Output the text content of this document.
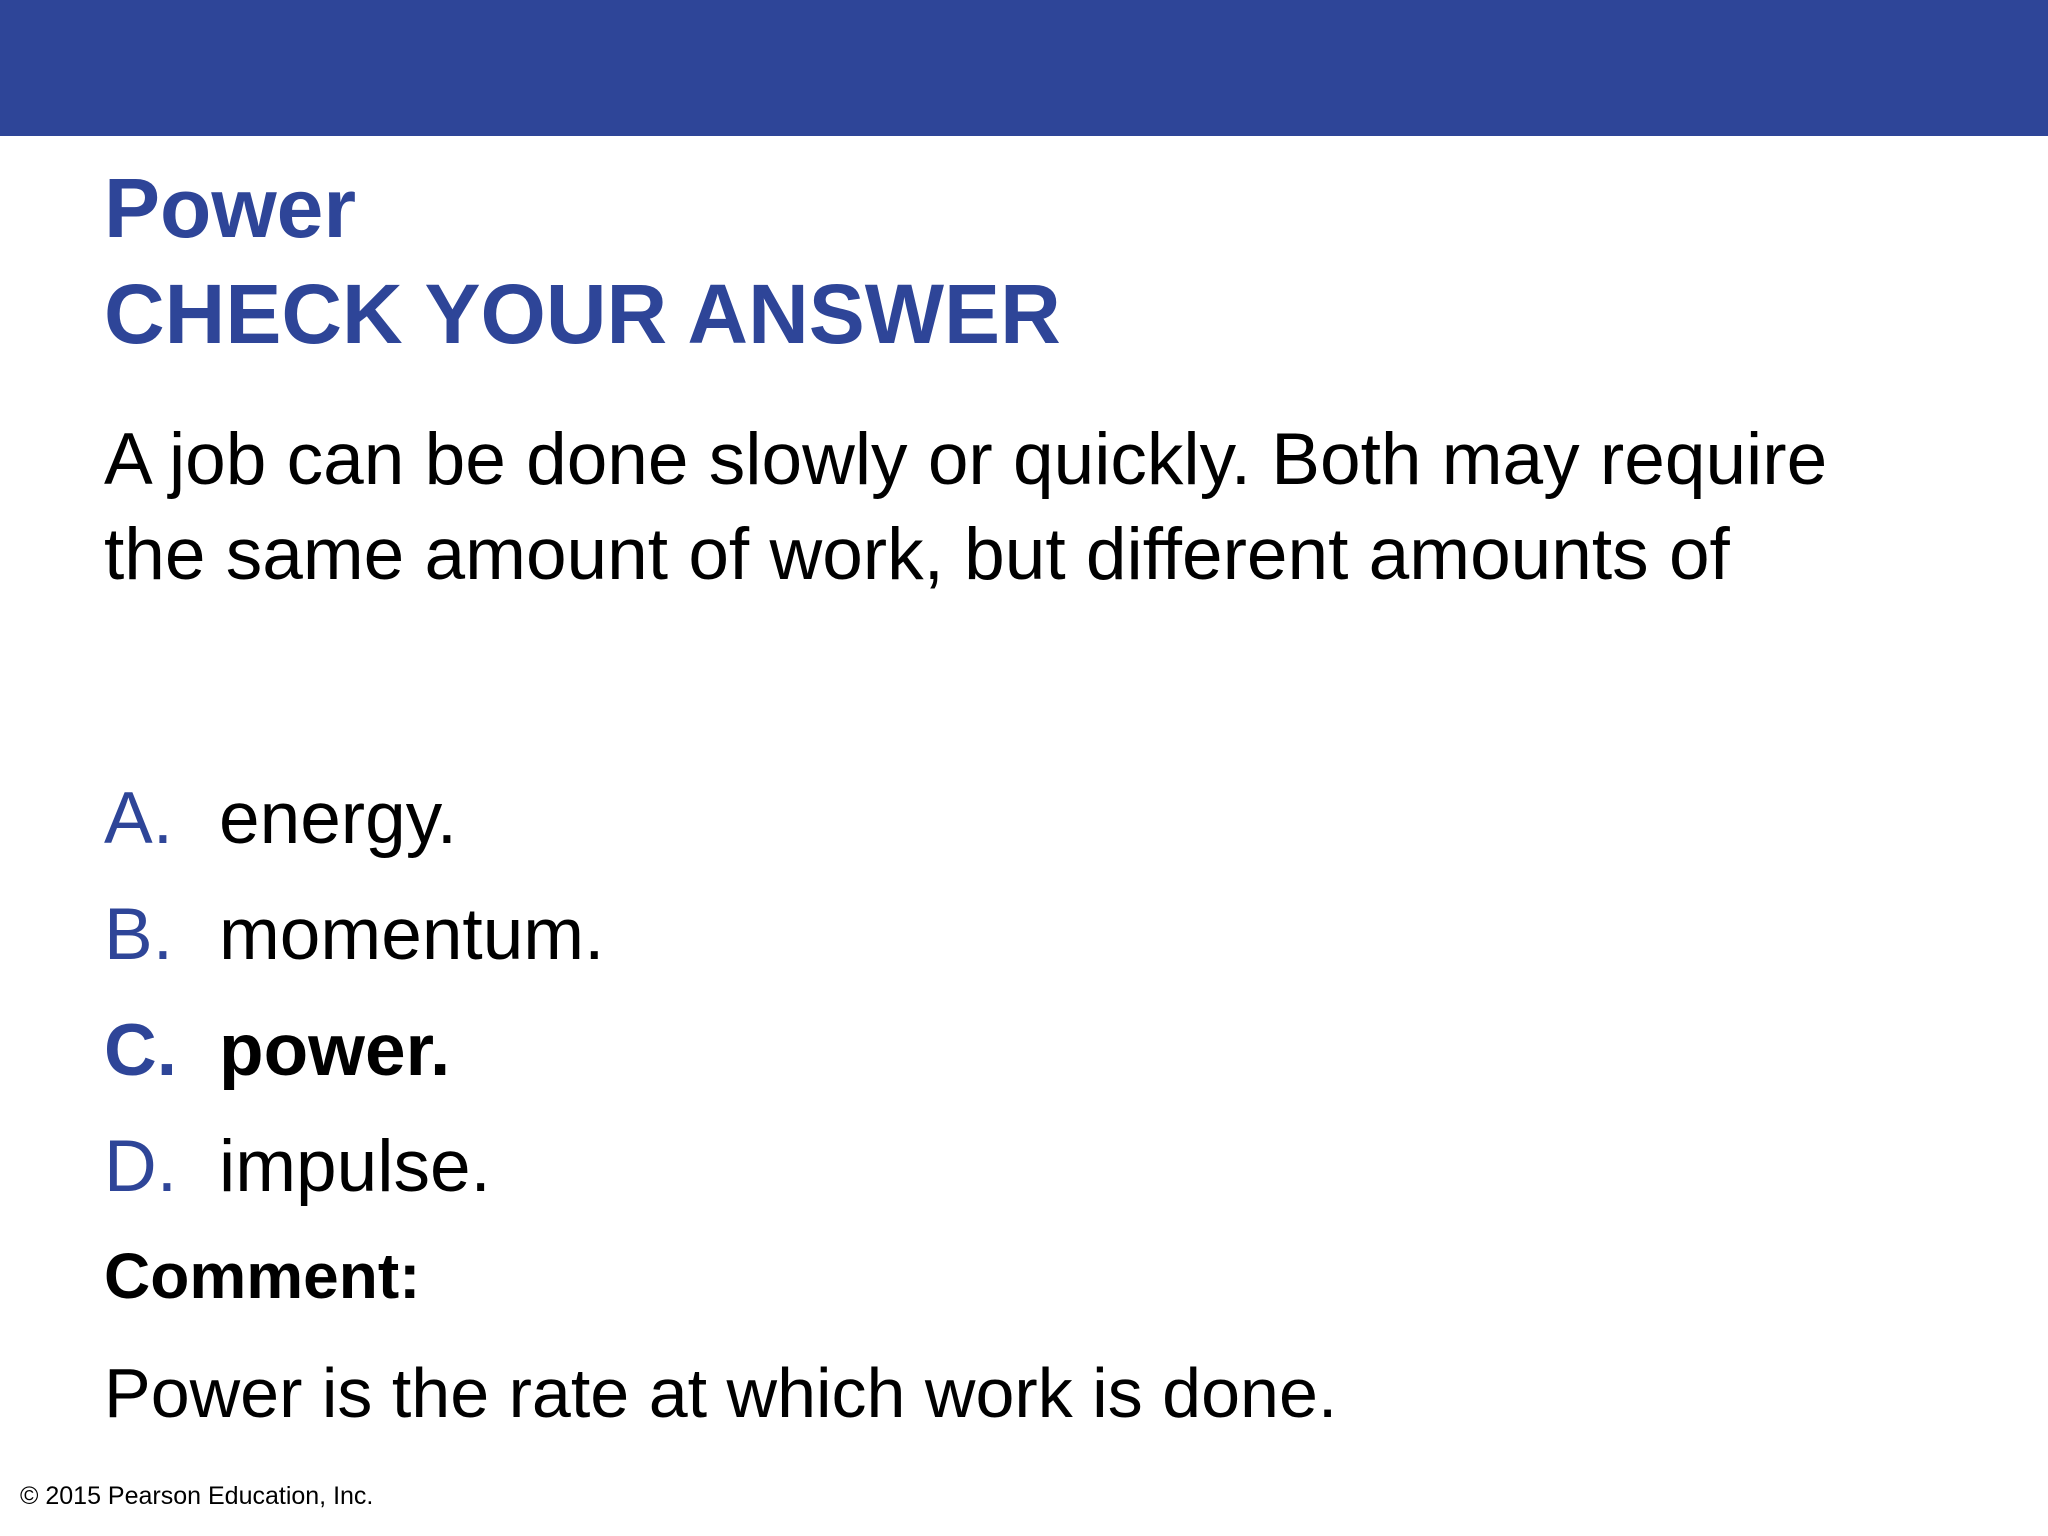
Power
CHECK YOUR ANSWER

A job can be done slowly or quickly. Both may require the same amount of work, but different amounts of

A. energy.
B. momentum.
C. power.
D. impulse.

Comment:

Power is the rate at which work is done.

© 2015 Pearson Education, Inc.
